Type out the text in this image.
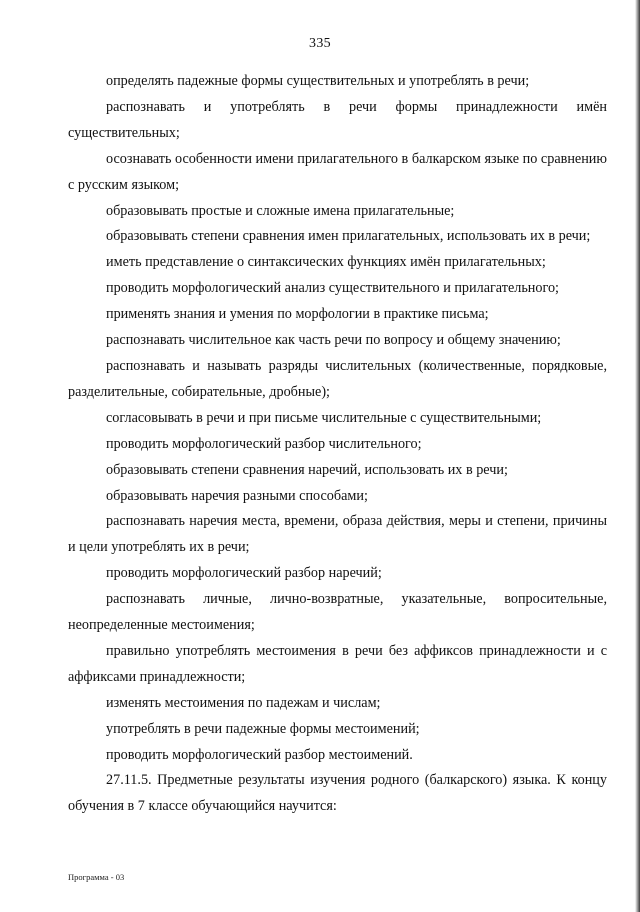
335

определять падежные формы существительных и употреблять в речи;

распознавать и употреблять в речи формы принадлежности имён существительных;

осознавать особенности имени прилагательного в балкарском языке по сравнению с русским языком;

образовывать простые и сложные имена прилагательные;

образовывать степени сравнения имен прилагательных, использовать их в речи;

иметь представление о синтаксических функциях имён прилагательных;

проводить морфологический анализ существительного и прилагательного;

применять знания и умения по морфологии в практике письма;

распознавать числительное как часть речи по вопросу и общему значению;

распознавать и называть разряды числительных (количественные, порядковые, разделительные, собирательные, дробные);

согласовывать в речи и при письме числительные с существительными;

проводить морфологический разбор числительного;

образовывать степени сравнения наречий, использовать их в речи;

образовывать наречия разными способами;

распознавать наречия места, времени, образа действия, меры и степени, причины и цели употреблять их в речи;

проводить морфологический разбор наречий;

распознавать личные, лично-возвратные, указательные, вопросительные, неопределенные местоимения;

правильно употреблять местоимения в речи без аффиксов принадлежности и с аффиксами принадлежности;

изменять местоимения по падежам и числам;

употреблять в речи падежные формы местоимений;

проводить морфологический разбор местоимений.

27.11.5. Предметные результаты изучения родного (балкарского) языка. К концу обучения в 7 классе обучающийся научится:

Программа - 03
